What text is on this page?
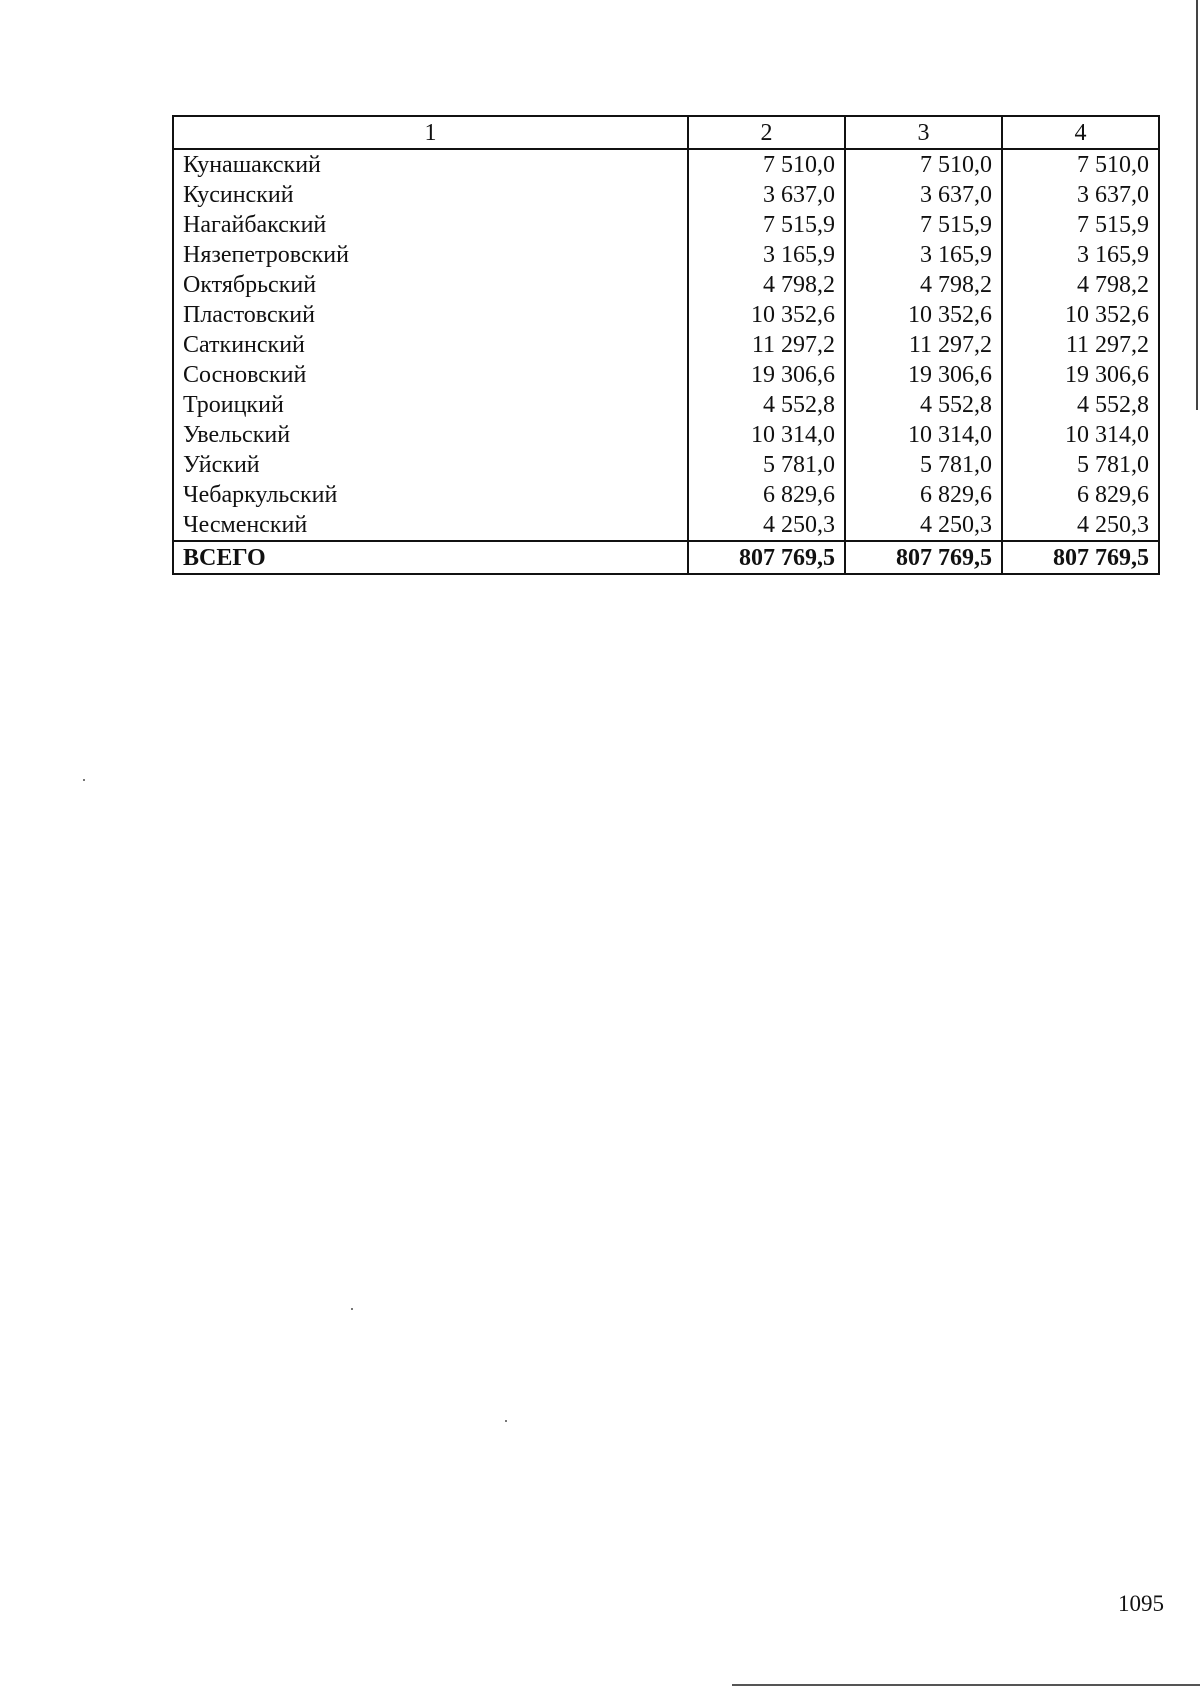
1	2	3	4
Кунашакский	7 510,0	7 510,0	7 510,0
Кусинский	3 637,0	3 637,0	3 637,0
Нагайбакский	7 515,9	7 515,9	7 515,9
Нязепетровский	3 165,9	3 165,9	3 165,9
Октябрьский	4 798,2	4 798,2	4 798,2
Пластовский	10 352,6	10 352,6	10 352,6
Саткинский	11 297,2	11 297,2	11 297,2
Сосновский	19 306,6	19 306,6	19 306,6
Троицкий	4 552,8	4 552,8	4 552,8
Увельский	10 314,0	10 314,0	10 314,0
Уйский	5 781,0	5 781,0	5 781,0
Чебаркульский	6 829,6	6 829,6	6 829,6
Чесменский	4 250,3	4 250,3	4 250,3
ВСЕГО	807 769,5	807 769,5	807 769,5
1095
